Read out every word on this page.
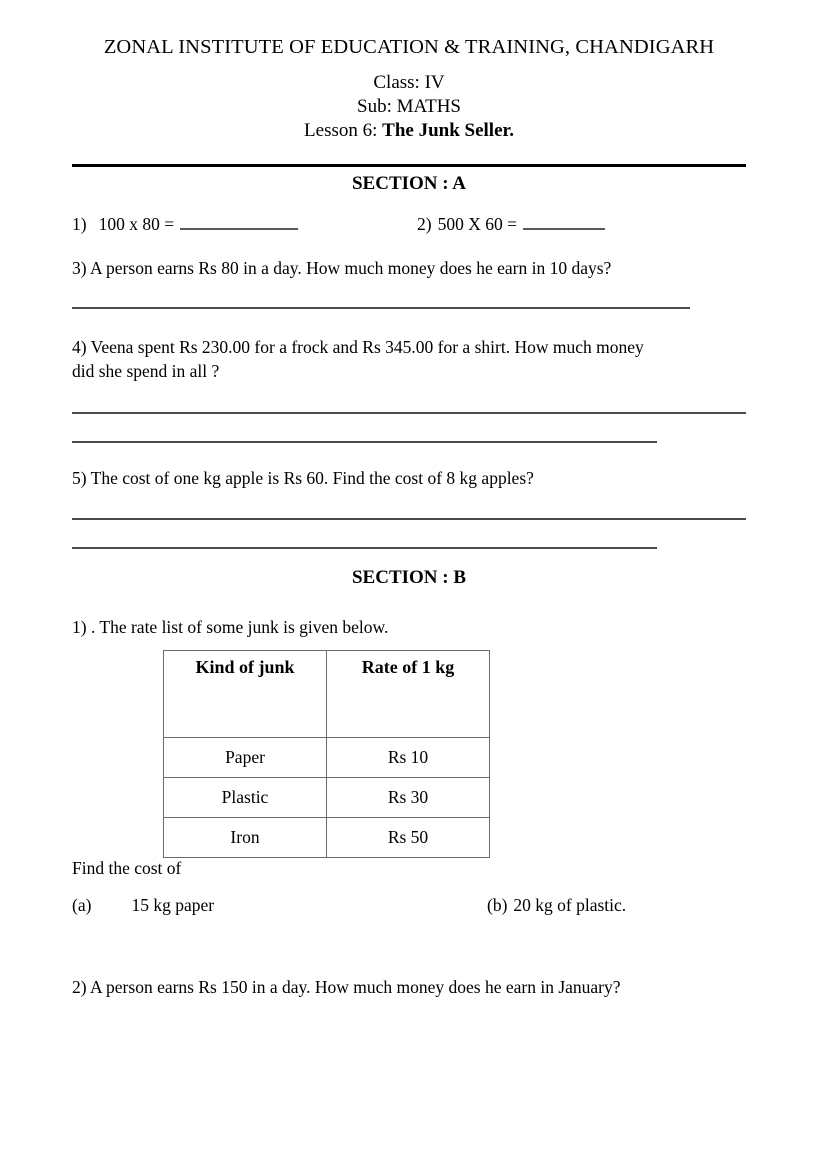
ZONAL INSTITUTE OF EDUCATION & TRAINING, CHANDIGARH
Class: IV
Sub: MATHS
Lesson 6: The Junk Seller.
SECTION : A
1) 100 x 80 =	2) 500 X 60 =
3) A person earns Rs 80 in a day. How much money does he earn in 10 days?
4) Veena spent Rs 230.00 for a frock and Rs 345.00 for a shirt. How much money
did she spend in all ?
5) The cost of one kg apple is Rs 60. Find the cost of 8 kg apples?
SECTION : B
1) . The rate list of some junk is given below.
Kind of junk	Rate of 1 kg
Paper	Rs 10
Plastic	Rs 30
Iron	Rs 50
Find the cost of
(a) 15 kg paper	(b) 20 kg of plastic.
2) A person earns Rs 150 in a day. How much money does he earn in January?
